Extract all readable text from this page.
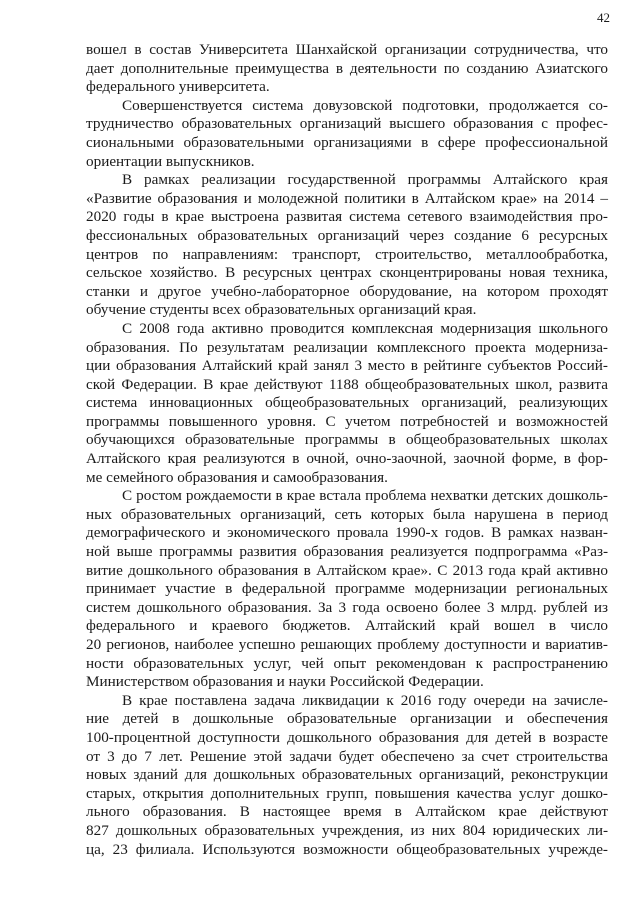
42
вошел в состав Университета Шанхайской организации сотрудничества, что
дает дополнительные преимущества в деятельности по созданию Азиатского
федерального университета.
Совершенствуется система довузовской подготовки, продолжается со-
трудничество образовательных организаций высшего образования с профес-
сиональными образовательными организациями в сфере профессиональной
ориентации выпускников.
В рамках реализации государственной программы Алтайского края
«Развитие образования и молодежной политики в Алтайском крае» на 2014 –
2020 годы в крае выстроена развитая система сетевого взаимодействия про-
фессиональных образовательных организаций через создание 6 ресурсных
центров по направлениям: транспорт, строительство, металлообработка,
сельское хозяйство. В ресурсных центрах сконцентрированы новая техника,
станки и другое учебно-лабораторное оборудование, на котором проходят
обучение студенты всех образовательных организаций края.
С 2008 года активно проводится комплексная модернизация школьного
образования. По результатам реализации комплексного проекта модерниза-
ции образования Алтайский край занял 3 место в рейтинге субъектов Россий-
ской Федерации. В крае действуют 1188 общеобразовательных школ, развита
система инновационных общеобразовательных организаций, реализующих
программы повышенного уровня. С учетом потребностей и возможностей
обучающихся образовательные программы в общеобразовательных школах
Алтайского края реализуются в очной, очно-заочной, заочной форме, в фор-
ме семейного образования и самообразования.
С ростом рождаемости в крае встала проблема нехватки детских дошколь-
ных образовательных организаций, сеть которых была нарушена в период
демографического и экономического провала 1990-х годов. В рамках назван-
ной выше программы развития образования реализуется подпрограмма «Раз-
витие дошкольного образования в Алтайском крае». С 2013 года край активно
принимает участие в федеральной программе модернизации региональных
систем дошкольного образования. За 3 года освоено более 3 млрд. рублей из
федерального и краевого бюджетов. Алтайский край вошел в число
20 регионов, наиболее успешно решающих проблему доступности и вариатив-
ности образовательных услуг, чей опыт рекомендован к распространению
Министерством образования и науки Российской Федерации.
В крае поставлена задача ликвидации к 2016 году очереди на зачисле-
ние детей в дошкольные образовательные организации и обеспечения
100-процентной доступности дошкольного образования для детей в возрасте
от 3 до 7 лет. Решение этой задачи будет обеспечено за счет строительства
новых зданий для дошкольных образовательных организаций, реконструкции
старых, открытия дополнительных групп, повышения качества услуг дошко-
льного образования. В настоящее время в Алтайском крае действуют
827 дошкольных образовательных учреждения, из них 804 юридических ли-
ца, 23 филиала. Используются возможности общеобразовательных учрежде-
